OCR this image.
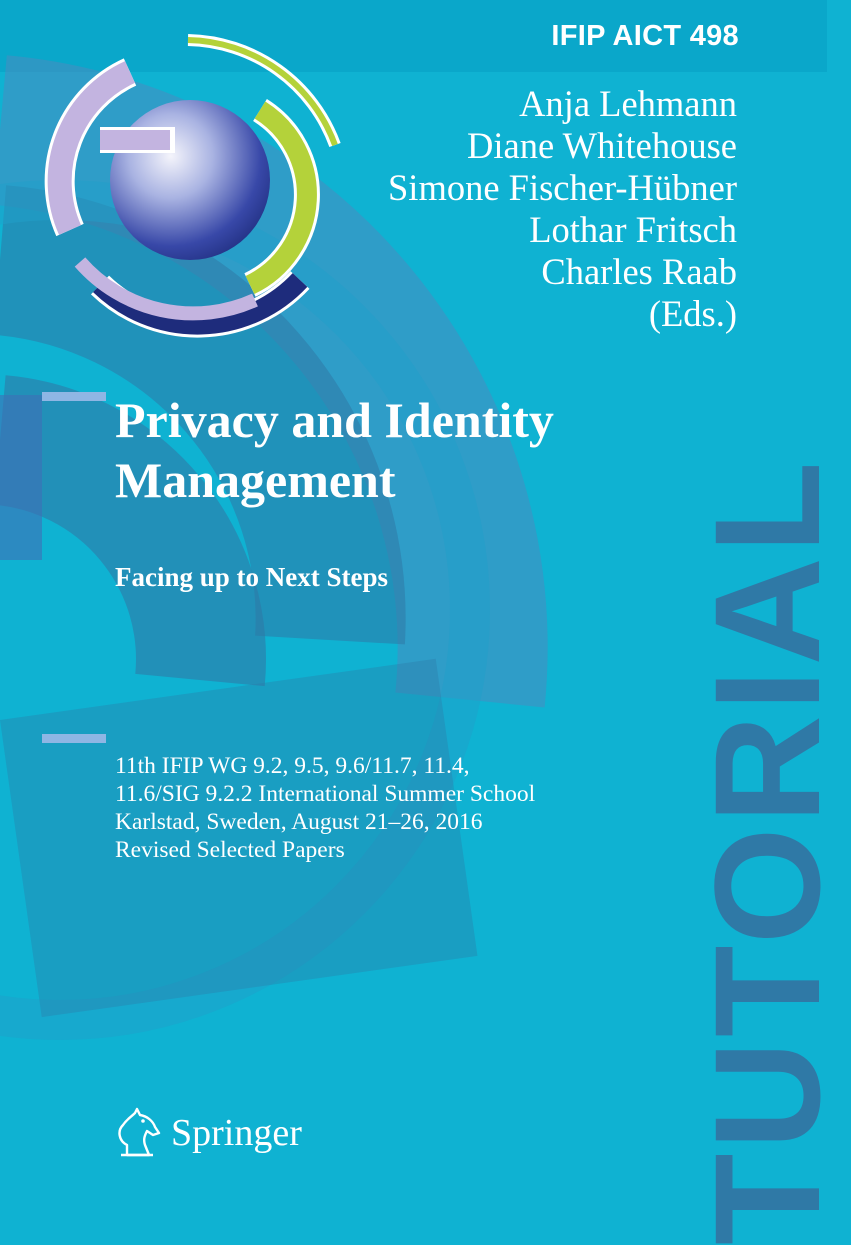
IFIP AICT 498
Anja Lehmann
Diane Whitehouse
Simone Fischer-Hübner
Lothar Fritsch
Charles Raab
(Eds.)
Privacy and Identity
Management
Facing up to Next Steps
11th IFIP WG 9.2, 9.5, 9.6/11.7, 11.4,
11.6/SIG 9.2.2 International Summer School
Karlstad, Sweden, August 21–26, 2016
Revised Selected Papers
Springer	TUTORIAL
